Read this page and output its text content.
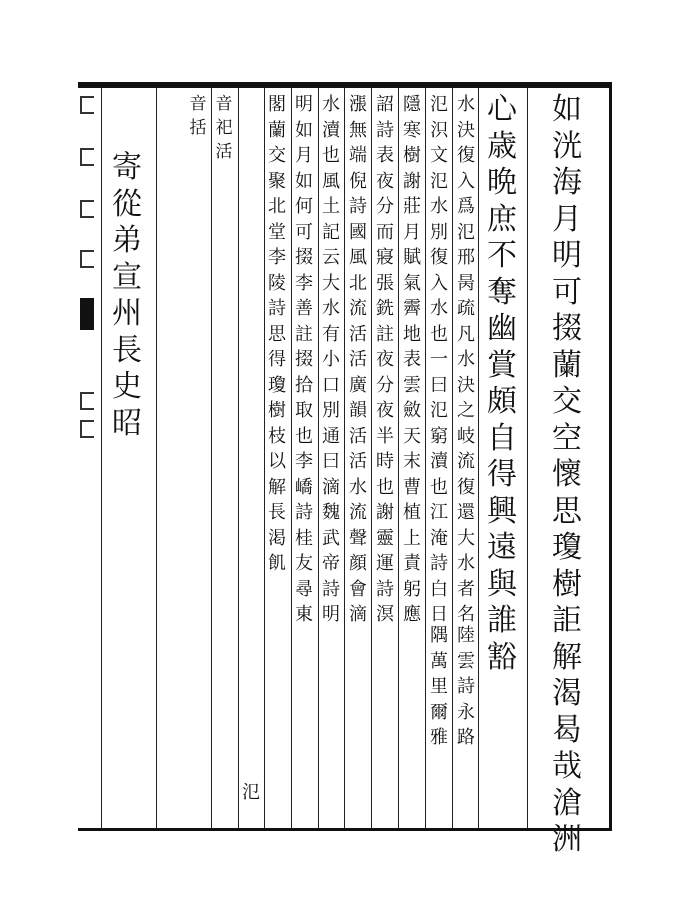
如
洸
海
月
明
可
掇
蘭
交
空
懷
思
瓊
樹
詎
解
渴
曷
哉
滄
洲
心
歳
晩
庶
不
奪
幽
賞
頗
自
得
興
遠
與
誰
豁
水
決
復
入
爲
氾
邢
昺
疏
凡
水
決
之
岐
流
復
還
大
水
者
名
陸
雲
詩
永
路
氾
𣲵
文
氾
水
別
復
入
水
也
一
曰
氾
窮
瀆
也
江
淹
詩
白
日
隅
萬
里
爾
雅
隱
寒
樹
謝
莊
月
賦
氣
霽
地
表
雲
斂
天
末
曹
植
上
責
躬
應
詔
詩
表
夜
分
而
寢
張
銑
註
夜
分
夜
半
時
也
謝
靈
運
詩
溟
漲
無
端
倪
詩
國
風
北
流
活
活
廣
韻
活
活
水
流
聲
顔
會
滴
水
瀆
也
風
土
記
云
大
水
有
小
口
別
通
曰
滴
魏
武
帝
詩
明
明
如
月
如
何
可
掇
李
善
註
掇
拾
取
也
李
嶠
詩
桂
友
尋
東
閣
蘭
交
聚
北
堂
李
陵
詩
思
得
瓊
樹
枝
以
解
長
渇
飢
氾
音
祀
活
音
括
寄
從
弟
宣
州
長
史
昭
